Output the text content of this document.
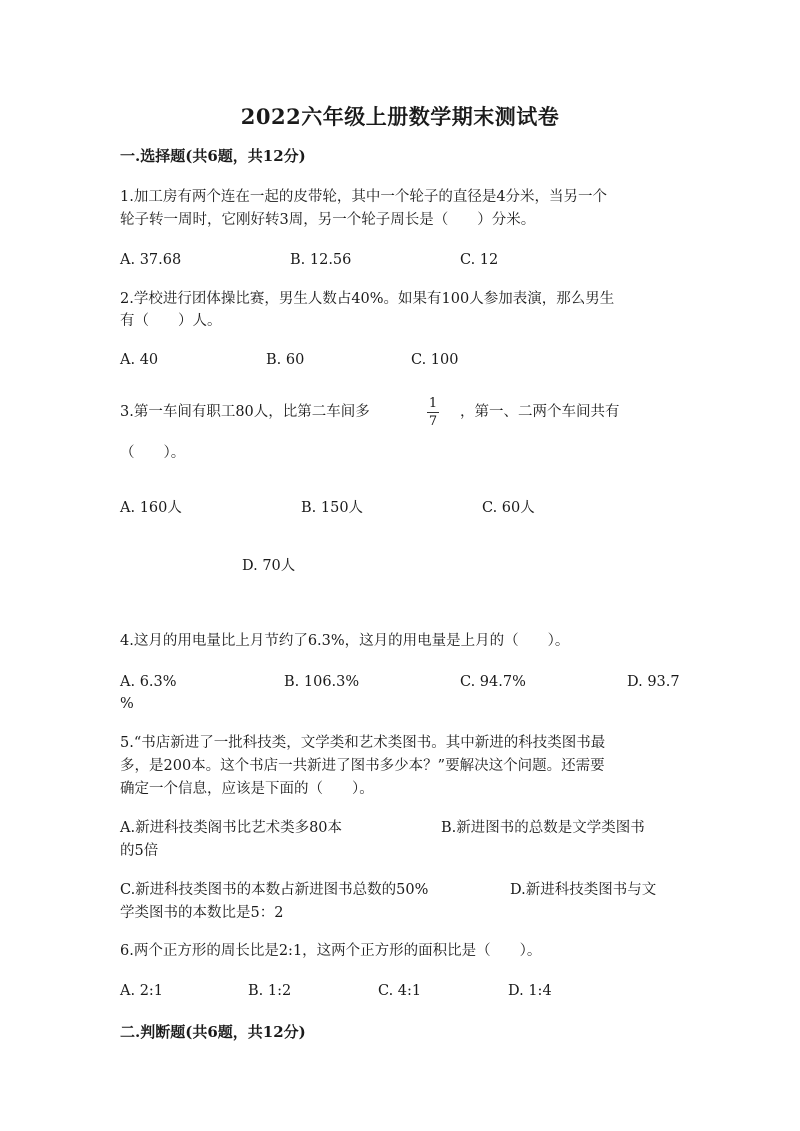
2022六年级上册数学期末测试卷
一.选择题(共6题，共12分)
1.加工房有两个连在一起的皮带轮，其中一个轮子的直径是4分米，当另一个
轮子转一周时，它刚好转3周，另一个轮子周长是（　　）分米。
A. 37.68	B. 12.56	C. 12
2.学校进行团体操比赛，男生人数占40%。如果有100人参加表演，那么男生
有（　　）人。
A. 40	B. 60	C. 100
3.第一车间有职工80人，比第二车间多
1
7
，第一、二两个车间共有
（　　）。
A. 160人	B. 150人	C. 60人
D. 70人
4.这月的用电量比上月节约了6.3%，这月的用电量是上月的（　　）。
A. 6.3%	B. 106.3%	C. 94.7%	D. 93.7
%
5.“书店新进了一批科技类，文学类和艺术类图书。其中新进的科技类图书最
多，是200本。这个书店一共新进了图书多少本？”要解决这个问题。还需要
确定一个信息，应该是下面的（　　）。
A.新进科技类阁书比艺术类多80本	B.新进图书的总数是文学类图书
的5倍
C.新进科技类图书的本数占新进图书总数的50%	D.新进科技类图书与文
学类图书的本数比是5：2
6.两个正方形的周长比是2:1，这两个正方形的面积比是（　　）。
A. 2:1	B. 1:2	C. 4:1	D. 1:4
二.判断题(共6题，共12分)
